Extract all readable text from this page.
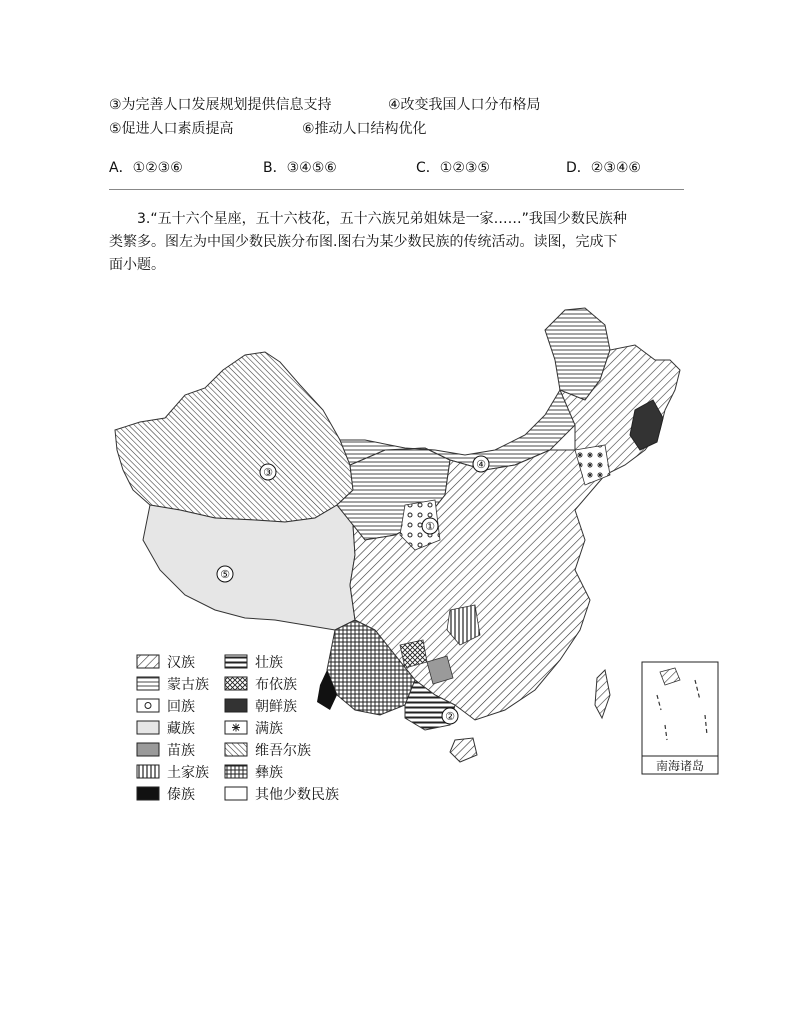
③为完善人口发展规划提供信息支持	④改变我国人口分布格局
⑤促进人口素质提高	⑥推动人口结构优化
A．①②③⑥	B．③④⑤⑥	C．①②③⑤	D．②③④⑥
3.“五十六个星座，五十六枝花，五十六族兄弟姐妹是一家……”我国少数民族种
类繁多。图左为中国少数民族分布图.图右为某少数民族的传统活动。读图，完成下
面小题。
①
②
③
④
⑤
南海诸岛
汉族
蒙古族
回族
藏族
苗族
土家族
傣族
壮族
布依族
朝鲜族
满族
维吾尔族
彝族
其他少数民族
